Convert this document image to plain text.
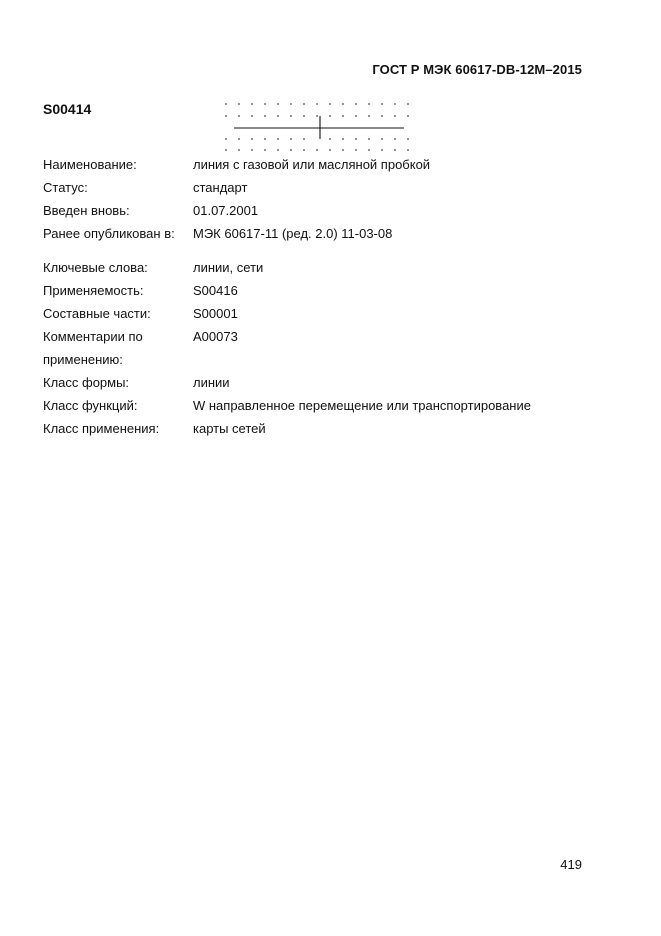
ГОСТ Р МЭК 60617-DB-12M–2015
S00414
Наименование:	линия с газовой или масляной пробкой
Статус:	стандарт
Введен вновь:	01.07.2001
Ранее опубликован в:	МЭК 60617-11 (ред. 2.0) 11-03-08
Ключевые слова:	линии, сети
Применяемость:	S00416
Составные части:	S00001
Комментарии по	A00073
применению:
Класс формы:	линии
Класс функций:	W направленное перемещение или транспортирование
Класс применения:	карты сетей
419
